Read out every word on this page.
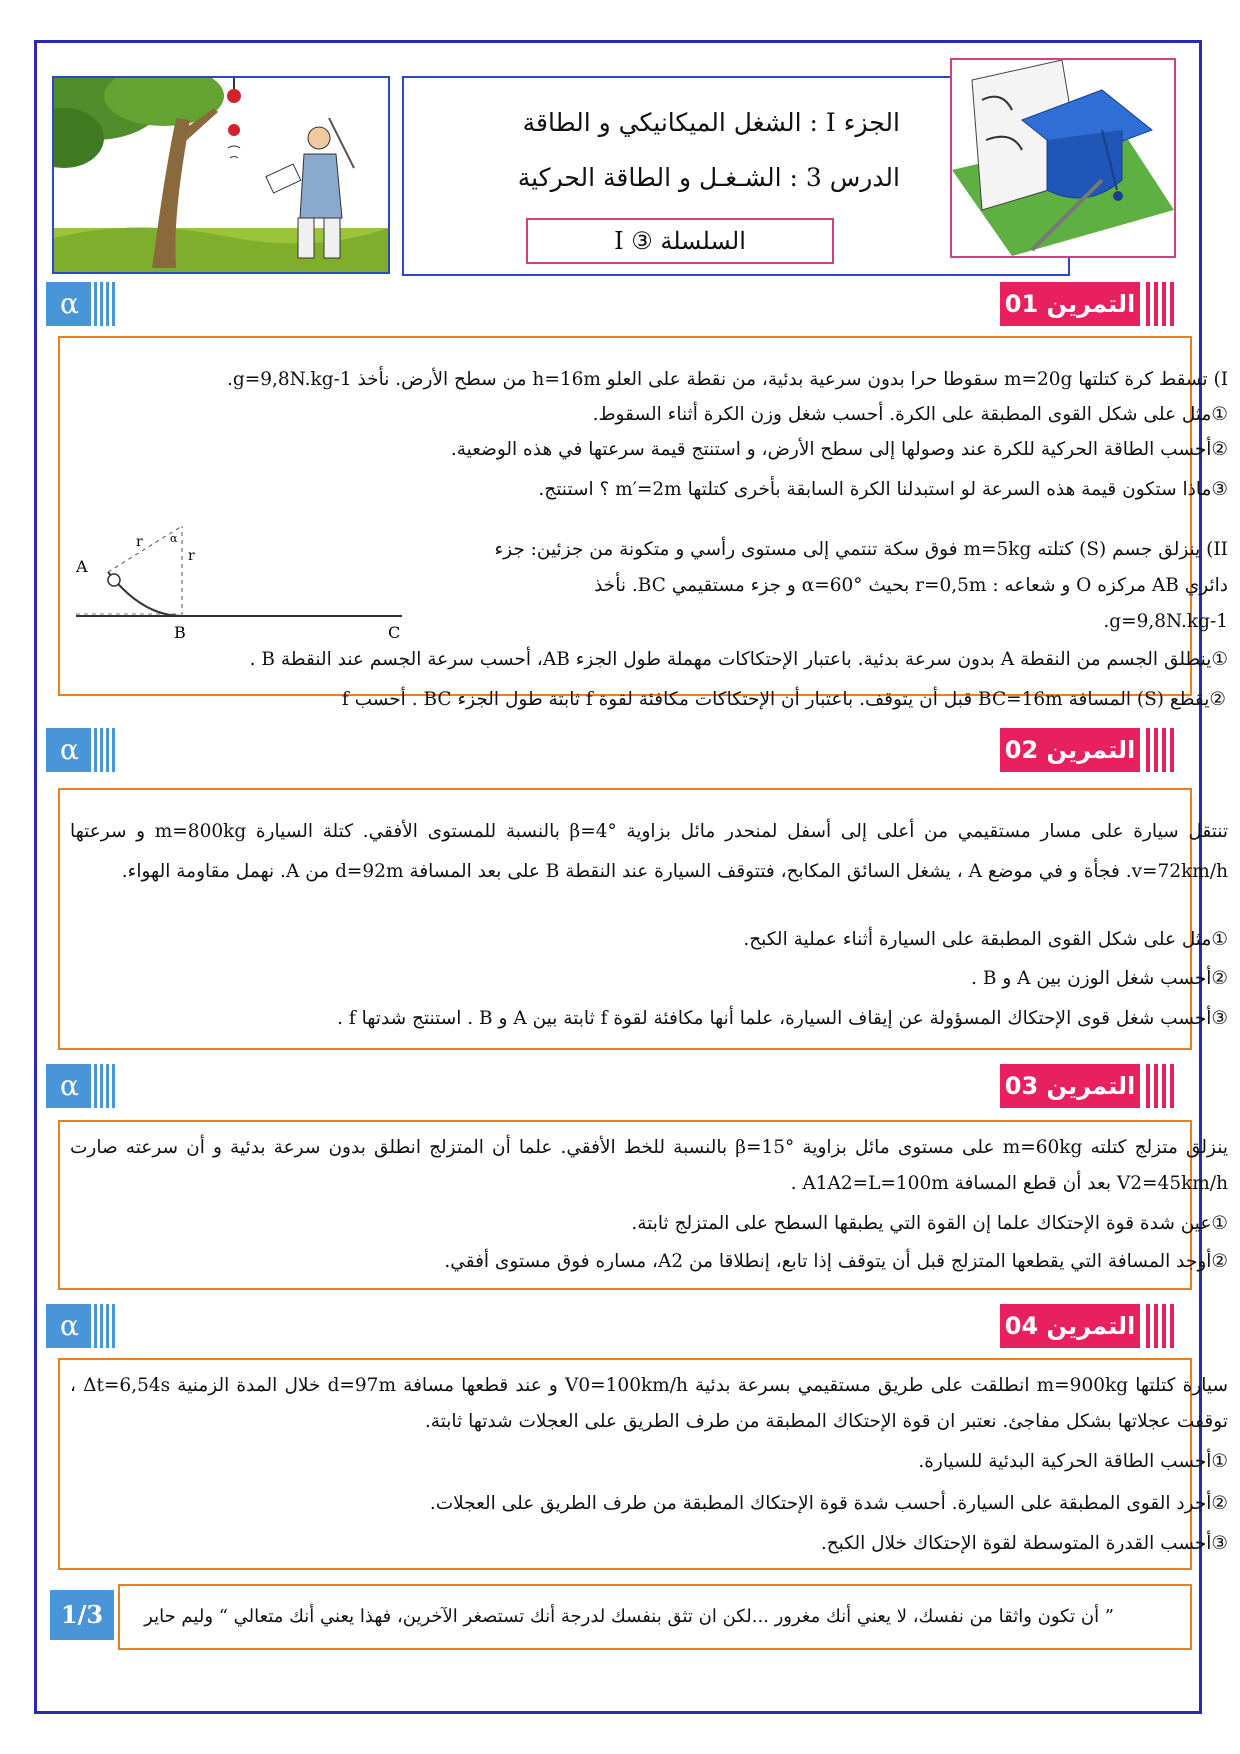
الجزء I : الشغل الميكانيكي و الطاقة
الدرس 3 : الشـغـل و الطاقة الحركية
السلسلة ③ I
α	التمرين 01
I) تسقط كرة كتلتها m=20g سقوطا حرا بدون سرعية بدئية، من نقطة على العلو h=16m من سطح الأرض. نأخذ g=9,8N.kg-1.
①مثل على شكل القوى المطبقة على الكرة. أحسب شغل وزن الكرة أثناء السقوط.
②أحسب الطاقة الحركية للكرة عند وصولها إلى سطح الأرض، و استنتج قيمة سرعتها في هذه الوضعية.
③ماذا ستكون قيمة هذه السرعة لو استبدلنا الكرة السابقة بأخرى كتلتها m′=2m ؟ استنتج.
II) ينزلق جسم (S) كتلته m=5kg فوق سكة تنتمي إلى مستوى رأسي و متكونة من جزئين: جزء
دائري AB مركزه O و شعاعه : r=0,5m بحيث α=60° و جزء مستقيمي BC. نأخذ
g=9,8N.kg-1.
①ينطلق الجسم من النقطة A بدون سرعة بدئية. باعتبار الإحتكاكات مهملة طول الجزء AB، أحسب سرعة الجسم عند النقطة B .
②يقطع (S) المسافة BC=16m قبل أن يتوقف. باعتبار أن الإحتكاكات مكافئة لقوة f ثابتة طول الجزء BC . أحسب f
A
B	C
r
r
α
α	التمرين 02
تنتقل سيارة على مسار مستقيمي من أعلى إلى أسفل لمنحدر مائل بزاوية β=4° بالنسبة للمستوى الأفقي. كتلة السيارة m=800kg و سرعتها v=72km/h. فجأة و في موضع A ، يشغل السائق المكابح، فتتوقف السيارة عند النقطة B على بعد المسافة d=92m من A. نهمل مقاومة الهواء.
①مثل على شكل القوى المطبقة على السيارة أثناء عملية الكبح.
②أحسب شغل الوزن بين A و B .
③أحسب شغل قوى الإحتكاك المسؤولة عن إيقاف السيارة، علما أنها مكافئة لقوة f ثابتة بين A و B . استنتج شدتها f .
α	التمرين 03
ينزلق متزلج كتلته m=60kg على مستوى مائل بزاوية β=15° بالنسبة للخط الأفقي. علما أن المتزلج انطلق بدون سرعة بدئية و أن سرعته صارت V2=45km/h بعد أن قطع المسافة A1A2=L=100m .
①عين شدة قوة الإحتكاك علما إن القوة التي يطبقها السطح على المتزلج ثابتة.
②أوجد المسافة التي يقطعها المتزلج قبل أن يتوقف إذا تابع، إنطلاقا من A2، مساره فوق مستوى أفقي.
α	التمرين 04
سيارة كتلتها m=900kg انطلقت على طريق مستقيمي بسرعة بدئية V0=100km/h و عند قطعها مسافة d=97m خلال المدة الزمنية Δt=6,54s ، توقفت عجلاتها بشكل مفاجئ. نعتبر ان قوة الإحتكاك المطبقة من طرف الطريق على العجلات شدتها ثابتة.
①أحسب الطاقة الحركية البدئية للسيارة.
②أجرد القوى المطبقة على السيارة. أحسب شدة قوة الإحتكاك المطبقة من طرف الطريق على العجلات.
③أحسب القدرة المتوسطة لقوة الإحتكاك خلال الكبح.
1/3	” أن تكون واثقا من نفسك، لا يعني أنك مغرور ...لكن ان تثق بنفسك لدرجة أنك تستصغر الآخرين، فهذا يعني أنك متعالي “ وليم حاير
